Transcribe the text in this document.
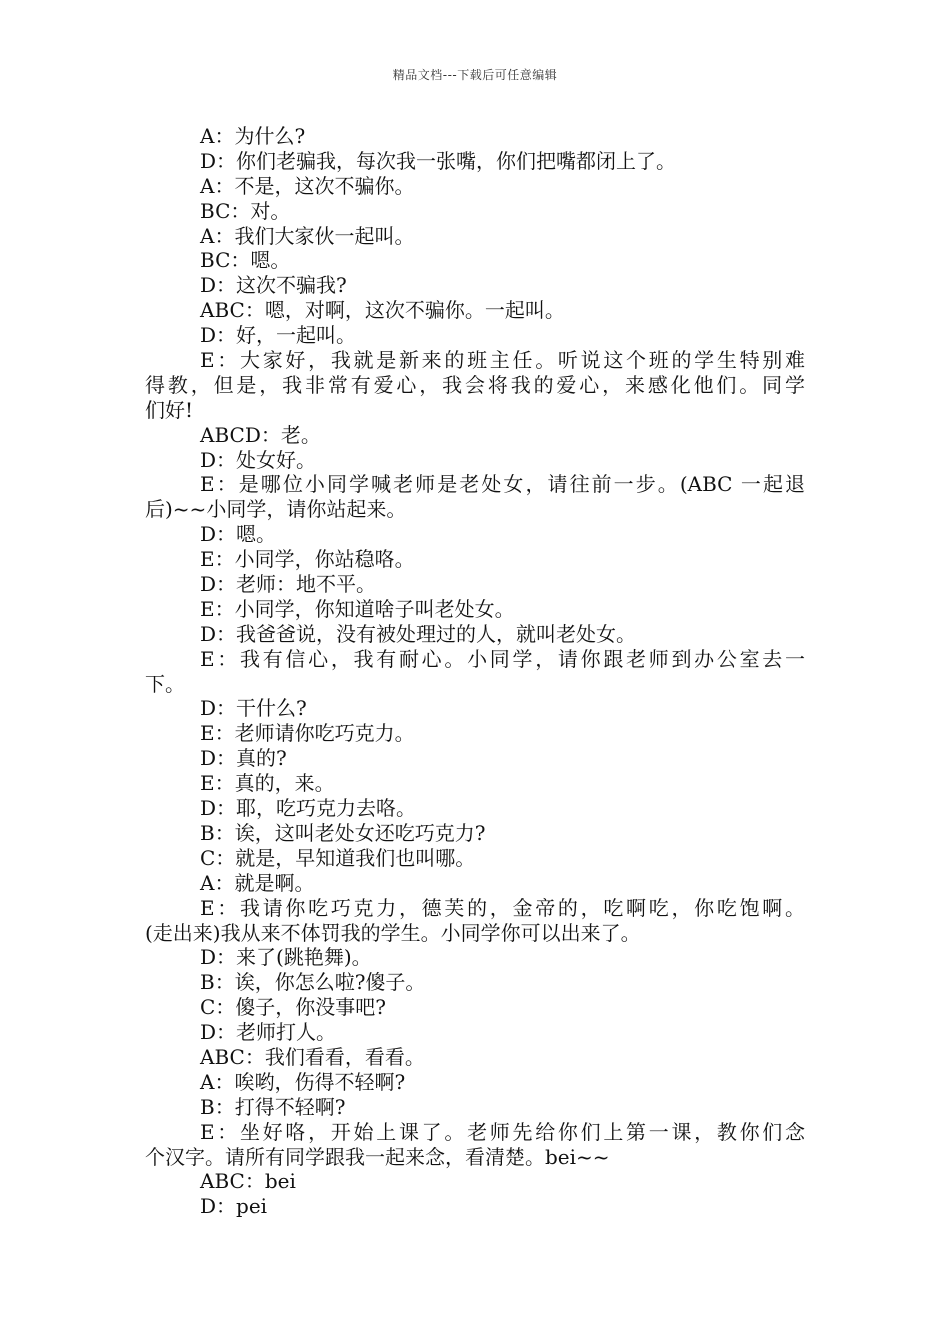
精品文档---下载后可任意编辑
A：为什么?
D：你们老骗我，每次我一张嘴，你们把嘴都闭上了。
A：不是，这次不骗你。
BC：对。
A：我们大家伙一起叫。
BC：嗯。
D：这次不骗我?
ABC：嗯，对啊，这次不骗你。一起叫。
D：好，一起叫。
E：大家好，我就是新来的班主任。听说这个班的学生特别难
得教，但是，我非常有爱心，我会将我的爱心，来感化他们。同学
们好!
ABCD：老。
D：处女好。
E：是哪位小同学喊老师是老处女，请往前一步。(ABC 一起退
后)~~小同学，请你站起来。
D：嗯。
E：小同学，你站稳咯。
D：老师：地不平。
E：小同学，你知道啥子叫老处女。
D：我爸爸说，没有被处理过的人，就叫老处女。
E：我有信心，我有耐心。小同学，请你跟老师到办公室去一
下。
D：干什么?
E：老师请你吃巧克力。
D：真的?
E：真的，来。
D：耶，吃巧克力去咯。
B：诶，这叫老处女还吃巧克力?
C：就是，早知道我们也叫哪。
A：就是啊。
E：我请你吃巧克力，德芙的，金帝的，吃啊吃，你吃饱啊。
(走出来)我从来不体罚我的学生。小同学你可以出来了。
D：来了(跳艳舞)。
B：诶，你怎么啦?傻子。
C：傻子，你没事吧?
D：老师打人。
ABC：我们看看，看看。
A：唉哟，伤得不轻啊?
B：打得不轻啊?
E：坐好咯，开始上课了。老师先给你们上第一课，教你们念
个汉字。请所有同学跟我一起来念，看清楚。bei~~
ABC：bei
D：pei
